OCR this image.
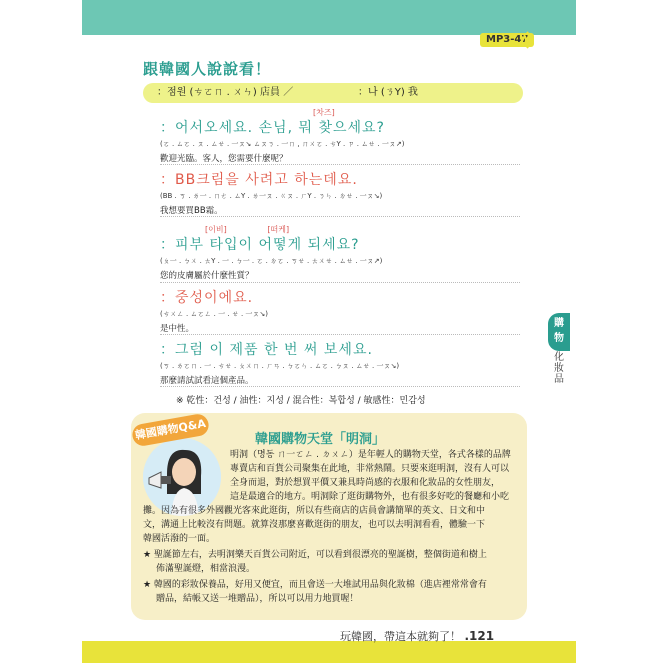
MP3-47
跟韓國人說說看！
：점원 (ㄘㄛㄇ . ㄨㄣ) 店員 ／	：나 (ㄋY) 我
[차즈]
：어서오세요. 손님, 뭐 찾으세요?
(ㄛ . ㄙㄛ . ㄡ . ㄙㄝ . 一ㄡ↘ ㄙㄡㄋ . 一ㄇ , ㄇㄨㄛ . ㄘY . ㄗ . ㄙㄝ . 一ㄡ↗)
歡迎光臨。客人，您需要什麼呢？
：BB크림을 사려고 하는데요.
(BB . ㄎ . ㄌ一 . ㄇㄜ . ㄙY . ㄌ一ㄡ . ㄍㄡ . ㄏY . ㄋㄣ . ㄉㄝ . 一ㄡ↘)
我想要買BB霜。
[이비]                [떠케]
：피부 타입이 어떻게 되세요?
(ㄆ一 . ㄅㄨ . ㄊY . 一 . ㄅ一 . ㄛ . ㄉㄛ . ㄎㄝ . ㄊㄨㄝ . ㄙㄝ . 一ㄡ↗)
您的皮膚屬於什麼性質？
：중성이에요.
(ㄘㄨㄥ . ㄙㄛㄥ . 一 . ㄝ . 一ㄡ↘)
是中性。
：그럼 이 제품 한 번 써 보세요.
(ㄎ . ㄌㄛㄇ . 一 . ㄘㄝ . ㄆㄨㄇ . ㄏㄢ . ㄅㄛㄣ . ㄙㄛ . ㄅㄡ . ㄙㄝ . 一ㄡ↘)
那麼請試試看這個產品。
※ 乾性：건성 / 油性：지성 / 混合性：복합성 / 敏感性：민감성
韓國購物Q&A	韓國購物天堂「明洞」
明洞（명동 ㄇ一ㄛㄥ . ㄉㄨㄥ）是年輕人的購物天堂，各式各樣的品牌
專賣店和百貨公司聚集在此地，非常熱鬧。只要來逛明洞，沒有人可以
全身而退，對於想買平價又兼具時尚感的衣服和化妝品的女性朋友，
這是最適合的地方。明洞除了逛街購物外，也有很多好吃的餐廳和小吃
攤。因為有很多外國觀光客來此逛街，所以有些商店的店員會講簡單的英文、日文和中
文，溝通上比較沒有問題。就算沒那麼喜歡逛街的朋友，也可以去明洞看看，體驗一下
韓國活潑的一面。
★ 聖誕節左右，去明洞樂天百貨公司附近，可以看到很漂亮的聖誕樹，整個街道和樹上
佈滿聖誕燈，相當浪漫。
★ 韓國的彩妝保養品，好用又便宜，而且會送一大堆試用品與化妝棉（進店裡常常會有
贈品，結帳又送一堆贈品），所以可以用力地買喔！
購物
化妝品
玩韓國，帶這本就夠了！ .121
